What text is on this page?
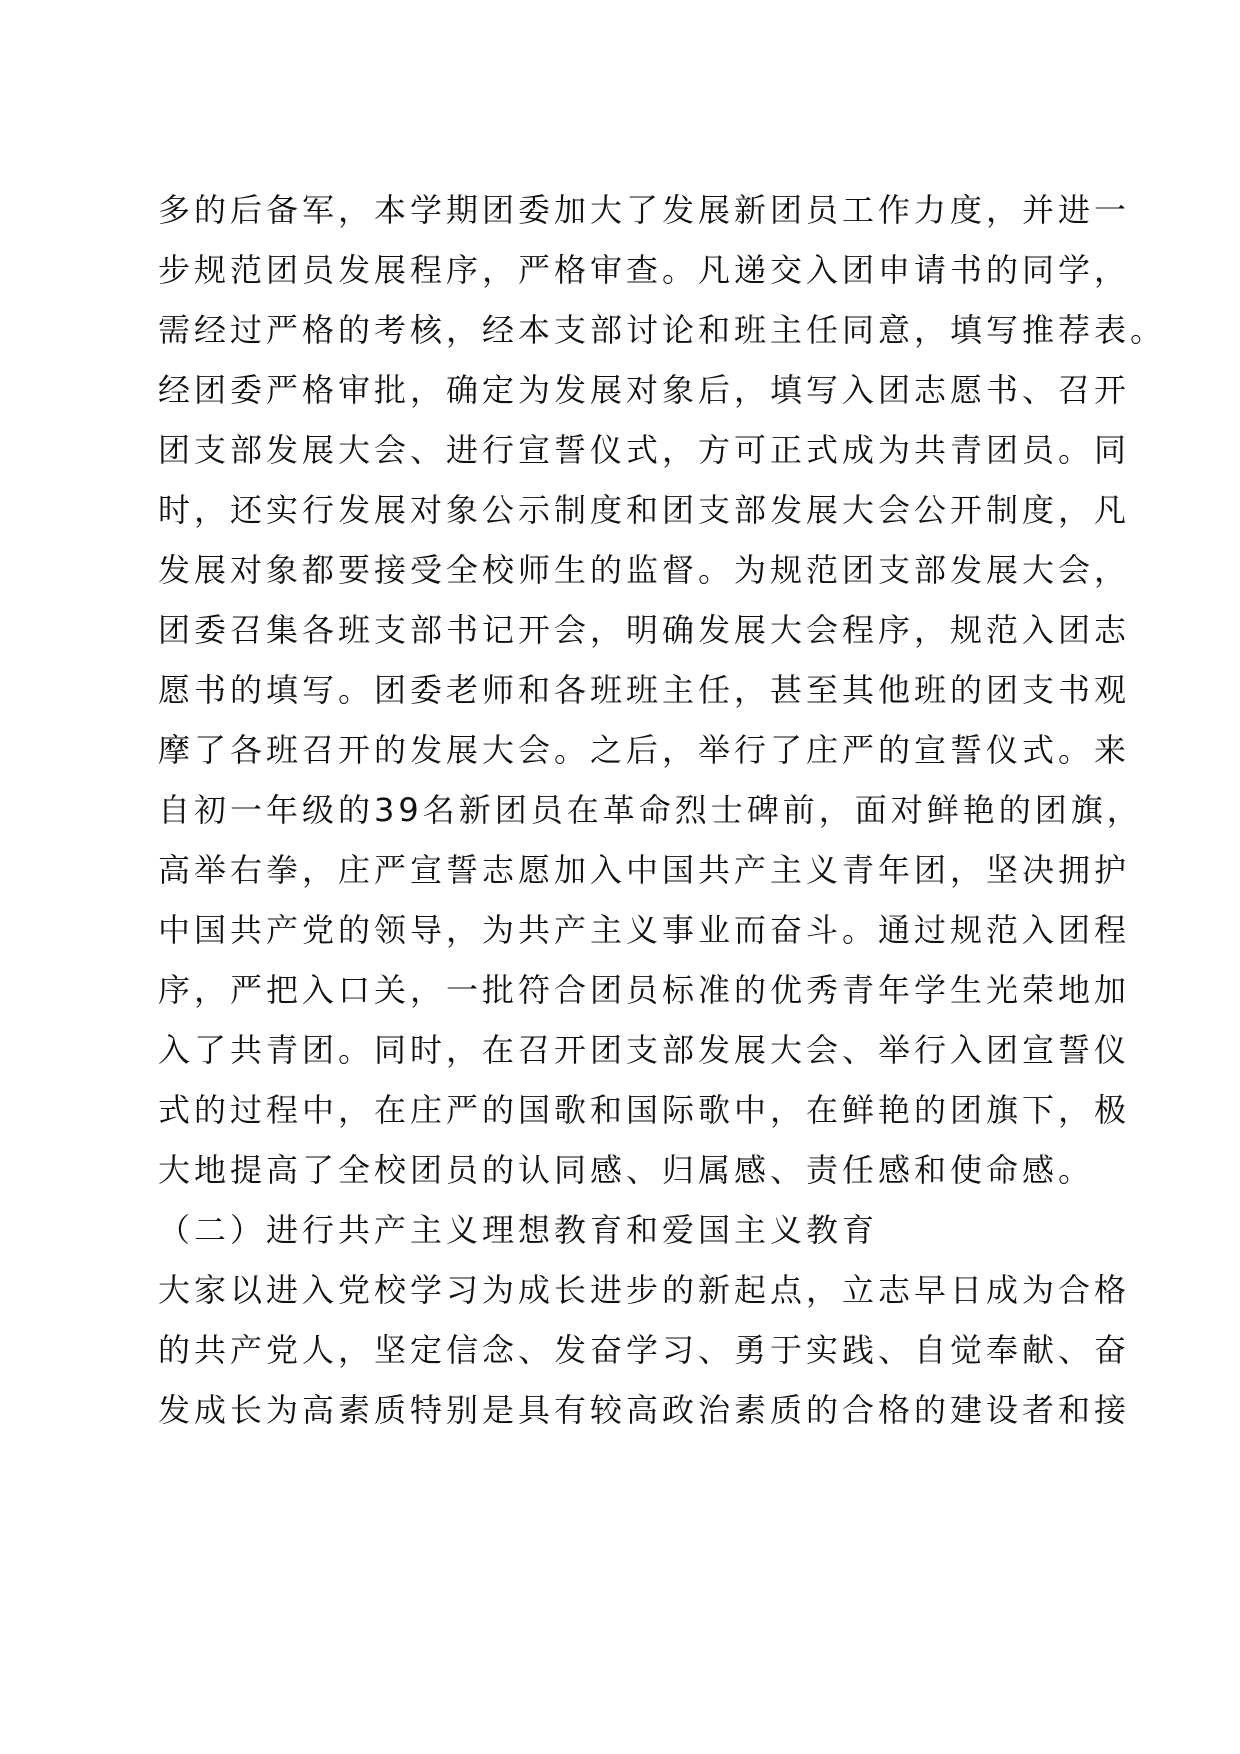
多的后备军，本学期团委加大了发展新团员工作力度，并进一
步规范团员发展程序，严格审查。凡递交入团申请书的同学，
需经过严格的考核，经本支部讨论和班主任同意，填写推荐表。
经团委严格审批，确定为发展对象后，填写入团志愿书、召开
团支部发展大会、进行宣誓仪式，方可正式成为共青团员。同
时，还实行发展对象公示制度和团支部发展大会公开制度，凡
发展对象都要接受全校师生的监督。为规范团支部发展大会，
团委召集各班支部书记开会，明确发展大会程序，规范入团志
愿书的填写。团委老师和各班班主任，甚至其他班的团支书观
摩了各班召开的发展大会。之后，举行了庄严的宣誓仪式。来
自初一年级的39名新团员在革命烈士碑前，面对鲜艳的团旗，
高举右拳，庄严宣誓志愿加入中国共产主义青年团，坚决拥护
中国共产党的领导，为共产主义事业而奋斗。通过规范入团程
序，严把入口关，一批符合团员标准的优秀青年学生光荣地加
入了共青团。同时，在召开团支部发展大会、举行入团宣誓仪
式的过程中，在庄严的国歌和国际歌中，在鲜艳的团旗下，极
大地提高了全校团员的认同感、归属感、责任感和使命感。
（二）进行共产主义理想教育和爱国主义教育
大家以进入党校学习为成长进步的新起点，立志早日成为合格
的共产党人，坚定信念、发奋学习、勇于实践、自觉奉献、奋
发成长为高素质特别是具有较高政治素质的合格的建设者和接
